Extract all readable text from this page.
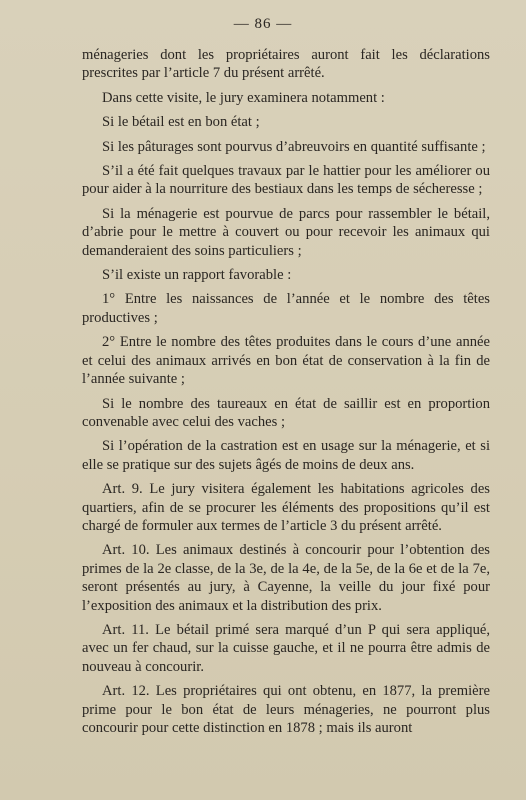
— 86 —

ménageries dont les propriétaires auront fait les déclarations prescrites par l’article 7 du présent arrêté.

Dans cette visite, le jury examinera notamment :

Si le bétail est en bon état ;

Si les pâturages sont pourvus d’abreuvoirs en quantité suffisante ;

S’il a été fait quelques travaux par le hattier pour les améliorer ou pour aider à la nourriture des bestiaux dans les temps de sécheresse ;

Si la ménagerie est pourvue de parcs pour rassembler le bétail, d’abrie pour le mettre à couvert ou pour recevoir les animaux qui demanderaient des soins particuliers ;

S’il existe un rapport favorable :

1° Entre les naissances de l’année et le nombre des têtes productives ;

2° Entre le nombre des têtes produites dans le cours d’une année et celui des animaux arrivés en bon état de conservation à la fin de l’année suivante ;

Si le nombre des taureaux en état de saillir est en proportion convenable avec celui des vaches ;

Si l’opération de la castration est en usage sur la ménagerie, et si elle se pratique sur des sujets âgés de moins de deux ans.

Art. 9. Le jury visitera également les habitations agricoles des quartiers, afin de se procurer les éléments des propositions qu’il est chargé de formuler aux termes de l’article 3 du présent arrêté.

Art. 10. Les animaux destinés à concourir pour l’obtention des primes de la 2e classe, de la 3e, de la 4e, de la 5e, de la 6e et de la 7e, seront présentés au jury, à Cayenne, la veille du jour fixé pour l’exposition des animaux et la distribution des prix.

Art. 11. Le bétail primé sera marqué d’un P qui sera appliqué, avec un fer chaud, sur la cuisse gauche, et il ne pourra être admis de nouveau à concourir.

Art. 12. Les propriétaires qui ont obtenu, en 1877, la première prime pour le bon état de leurs ménageries, ne pourront plus concourir pour cette distinction en 1878 ; mais ils auront
